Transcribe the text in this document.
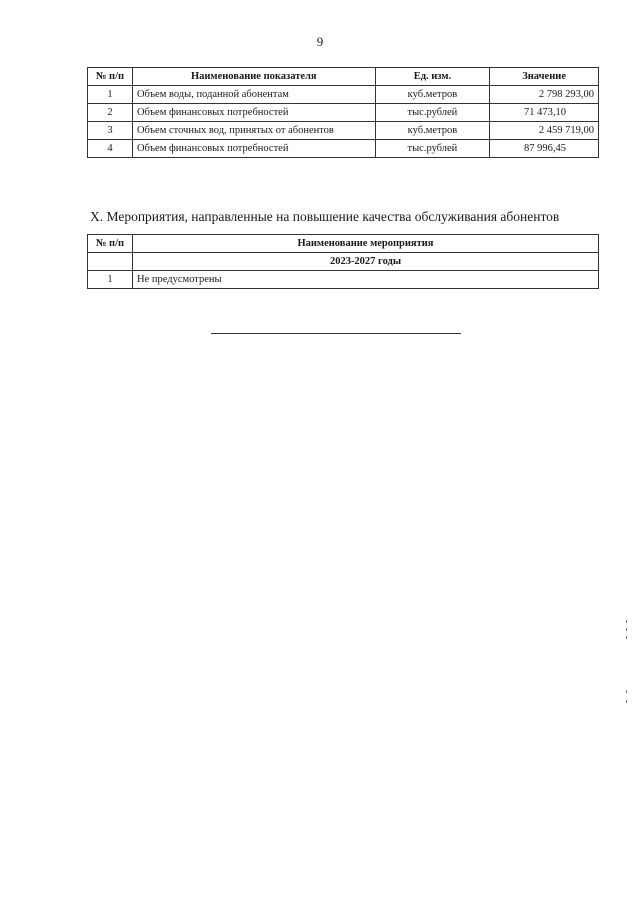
9
№ п/п	Наименование показателя	Ед. изм.	Значение
1	Объем воды, поданной абонентам	куб.метров	2 798 293,00
2	Объем финансовых потребностей	тыс.рублей	71 473,10
3	Объем сточных вод, принятых от абонентов	куб.метров	2 459 719,00
4	Объем финансовых потребностей	тыс.рублей	87 996,45
X. Мероприятия, направленные на повышение качества обслуживания абонентов
№ п/п	Наименование мероприятия
	2023-2027 годы
1	Не предусмотрены
